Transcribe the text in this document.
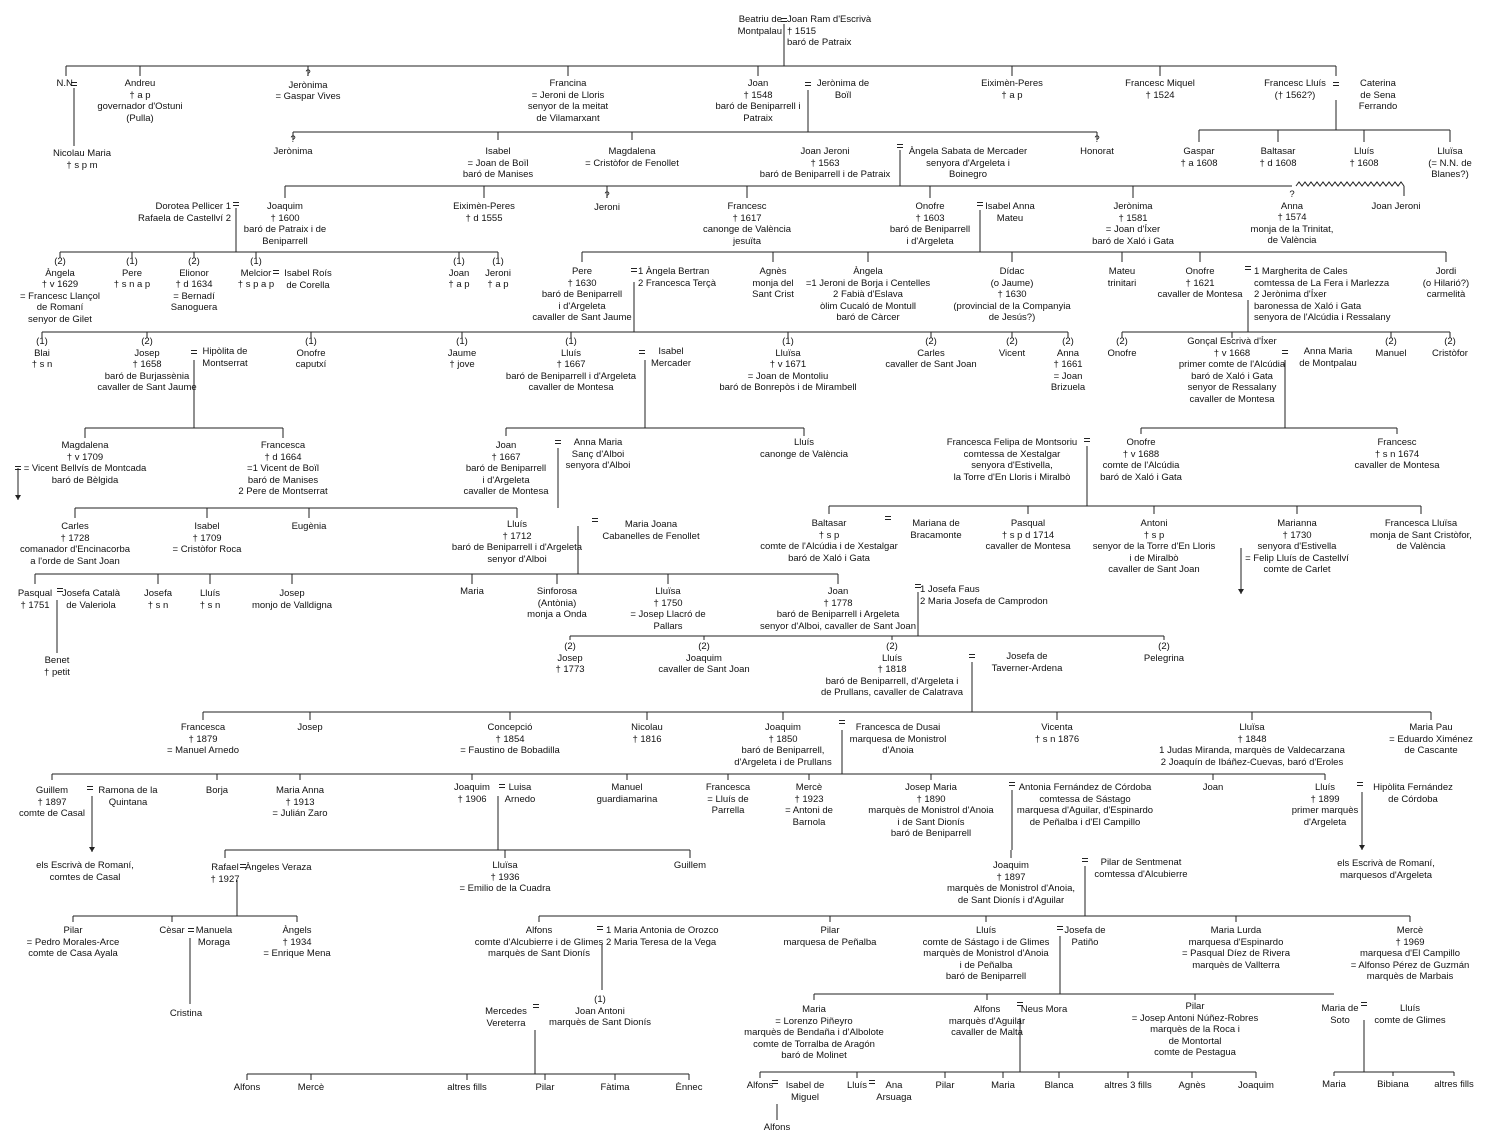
Beatriu de
Montpalau
Joan Ram d'Escrivà
† 1515
baró de Patraix
N.N.	Andreu
† a p
governador d'Ostuni
(Pulla)
?
Jerònima
= Gaspar Vives
Francina
= Jeroni de Lloris
senyor de la meitat
de Vilamarxant
Joan
† 1548
baró de Beniparrell i
Patraix
Jerònima de
Boïl
Eiximèn-Peres
† a p
Francesc Miquel
† 1524
Francesc Lluís
(† 1562?)
Caterina
de Sena
Ferrando
Nicolau Maria
† s p m
?
Jerònima	Isabel
= Joan de Boïl
baró de Manises
Magdalena
= Cristòfor de Fenollet
Joan Jeroni
† 1563
baró de Beniparrell i de Patraix
Àngela Sabata de Mercader
senyora d'Argeleta i
Boinegro
?
Honorat	Gaspar
† a 1608
Baltasar
† d 1608
Lluís
† 1608
Lluïsa
(= N.N. de
Blanes?)
Dorotea Pellicer 1
Rafaela de Castellví 2
Joaquim
† 1600
baró de Patraix i de
Beniparrell
Eiximèn-Peres
† d 1555
?
Jeroni	Francesc
† 1617
canonge de València
jesuïta
Onofre
† 1603
baró de Beniparrell
i d'Argeleta
Isabel Anna
Mateu
Jerònima
† 1581
= Joan d'Íxer
baró de Xaló i Gata
?
Anna
† 1574
monja de la Trinitat,
de València
Joan Jeroni
(2)
Àngela
† v 1629
= Francesc Llançol
de Romaní
senyor de Gilet
(1)
Pere
† s n a p
(2)
Elionor
† d 1634
= Bernadí
Sanoguera
(1)
Melcior
† s p a p
Isabel Roís
de Corella
(1)
Joan
† a p
(1)
Jeroni
† a p
Pere
† 1630
baró de Beniparrell
i d'Argeleta
cavaller de Sant Jaume
1 Àngela Bertran
2 Francesca Terçà
Agnès
monja del
Sant Crist
Àngela
=1 Jeroni de Borja i Centelles
2 Fabià d'Eslava
òlim Cucaló de Montull
baró de Càrcer
Dídac
(o Jaume)
† 1630
(provincial de la Companyia
de Jesús?)
Mateu
trinitari
Onofre
† 1621
cavaller de Montesa
1 Margherita de Cales
comtessa de La Fera i Marlezza
2 Jerònima d'Íxer
baronessa de Xaló i Gata
senyora de l'Alcúdia i Ressalany
Jordi
(o Hilarió?)
carmelità
(1)
Blai
† s n
(2)
Josep
† 1658
baró de Burjassènia
cavaller de Sant Jaume
Hipòlita de
Montserrat
(1)
Onofre
caputxí
(1)
Jaume
† jove
(1)
Lluís
† 1667
baró de Beniparrell i d'Argeleta
cavaller de Montesa
Isabel
Mercader
(1)
Lluïsa
† v 1671
= Joan de Montoliu
baró de Bonrepòs i de Mirambell
(2)
Carles
cavaller de Sant Joan
(2)
Vicent
(2)
Anna
† 1661
= Joan
Brizuela
(2)
Onofre
Gonçal Escrivà d'Íxer
† v 1668
primer comte de l'Alcúdia
baró de Xaló i Gata
senyor de Ressalany
cavaller de Montesa
Anna Maria
de Montpalau
(2)
Manuel
(2)
Cristòfor
Magdalena
† v 1709
= Vicent Bellvís de Montcada
baró de Bèlgida
Francesca
† d 1664
=1 Vicent de Boïl
baró de Manises
2 Pere de Montserrat
Joan
† 1667
baró de Beniparrell
i d'Argeleta
cavaller de Montesa
Anna Maria
Sanç d'Alboi
senyora d'Alboi
Lluís
canonge de València
Francesca Felipa de Montsoriu
comtessa de Xestalgar
senyora d'Estivella,
la Torre d'En Lloris i Miralbò
Onofre
† v 1688
comte de l'Alcúdia
baró de Xaló i Gata
Francesc
† s n 1674
cavaller de Montesa
Carles
† 1728
comanador d'Encinacorba
a l'orde de Sant Joan
Isabel
† 1709
= Cristòfor Roca
Eugènia	Lluís
† 1712
baró de Beniparrell i d'Argeleta
senyor d'Alboi
Maria Joana
Cabanelles de Fenollet
Baltasar
† s p
comte de l'Alcúdia i de Xestalgar
baró de Xaló i Gata
Mariana de
Bracamonte
Pasqual
† s p d 1714
cavaller de Montesa
Antoni
† s p
senyor de la Torre d'En Lloris
i de Miralbò
cavaller de Sant Joan
Marianna
† 1730
senyora d'Estivella
= Felip Lluís de Castellví
comte de Carlet
Francesca Lluïsa
monja de Sant Cristòfor,
de València
Pasqual
† 1751
Josefa Català
de Valeriola
Josefa
† s n
Lluís
† s n
Josep
monjo de Valldigna
Maria	Sinforosa
(Antònia)
monja a Onda
Lluïsa
† 1750
= Josep Llacró de
Pallars
Joan
† 1778
baró de Beniparrell i Argeleta
senyor d'Alboi, cavaller de Sant Joan
1 Josefa Faus
2 Maria Josefa de Camprodon
Benet
† petit
(2)
Josep
† 1773
(2)
Joaquim
cavaller de Sant Joan
(2)
Lluís
† 1818
baró de Beniparrell, d'Argeleta i
de Prullans, cavaller de Calatrava
Josefa de
Taverner-Ardena
(2)
Pelegrina
Francesca
† 1879
= Manuel Arnedo
Josep	Concepció
† 1854
= Faustino de Bobadilla
Nicolau
† 1816
Joaquim
† 1850
baró de Beniparrell,
d'Argeleta i de Prullans
Francesca de Dusai
marquesa de Monistrol
d'Anoia
Vicenta
† s n 1876
Lluïsa
† 1848
1 Judas Miranda, marquès de Valdecarzana
2 Joaquín de Ibáñez-Cuevas, baró d'Eroles
Maria Pau
= Eduardo Ximénez
de Cascante
Guillem
† 1897
comte de Casal
Ramona de la
Quintana
Borja	Maria Anna
† 1913
= Julián Zaro
Joaquim
† 1906
Luisa
Arnedo
Manuel
guardiamarina
Francesca
= Lluís de
Parrella
Mercè
† 1923
= Antoni de
Barnola
Josep Maria
† 1890
marquès de Monistrol d'Anoia
i de Sant Dionís
baró de Beniparrell
Antonia Fernández de Córdoba
comtessa de Sástago
marquesa d'Aguilar, d'Espinardo
de Peñalba i d'El Campillo
Joan	Lluís
† 1899
primer marquès
d'Argeleta
Hipòlita Fernández
de Córdoba
els Escrivà de Romaní,
comtes de Casal
Rafael
† 1927
Àngeles Veraza	Lluïsa
† 1936
= Emilio de la Cuadra
Guillem	Joaquim
† 1897
marquès de Monistrol d'Anoia,
de Sant Dionís i d'Aguilar
Pilar de Sentmenat
comtessa d'Alcubierre
els Escrivà de Romaní,
marquesos d'Argeleta
Pilar
= Pedro Morales-Arce
comte de Casa Ayala
Cèsar Manuela
Moraga
Àngels
† 1934
= Enrique Mena
Alfons
comte d'Alcubierre i de Glimes
marquès de Sant Dionís
1 Maria Antonia de Orozco
2 Maria Teresa de la Vega
Pilar
marquesa de Peñalba
Lluís
comte de Sástago i de Glimes
marquès de Monistrol d'Anoia
i de Peñalba
baró de Beniparrell
Josefa de
Patiño
Maria Lurda
marquesa d'Espinardo
= Pasqual Díez de Rivera
marquès de Vallterra
Mercè
† 1969
marquesa d'El Campillo
= Alfonso Pérez de Guzmán
marquès de Marbais
Cristina	Mercedes
Vereterra
(1)
Joan Antoni
marquès de Sant Dionís
Maria
= Lorenzo Piñeyro
marquès de Bendaña i d'Albolote
comte de Torralba de Aragón
baró de Molinet
Alfons
marquès d'Aguilar
cavaller de Malta
Neus Mora	Pilar
= Josep Antoni Núñez-Robres
marquès de la Roca i
de Montortal
comte de Pestagua
Maria de
Soto
Lluís
comte de Glimes
Alfons	Mercè	altres fills	Pilar	Fàtima	Ènnec	Alfons Isabel de
Miguel
Lluís	Ana
Arsuaga
Pilar	Maria	Blanca	altres 3 fills	Agnès	Joaquim	Maria	Bibiana	altres fills
Alfons
